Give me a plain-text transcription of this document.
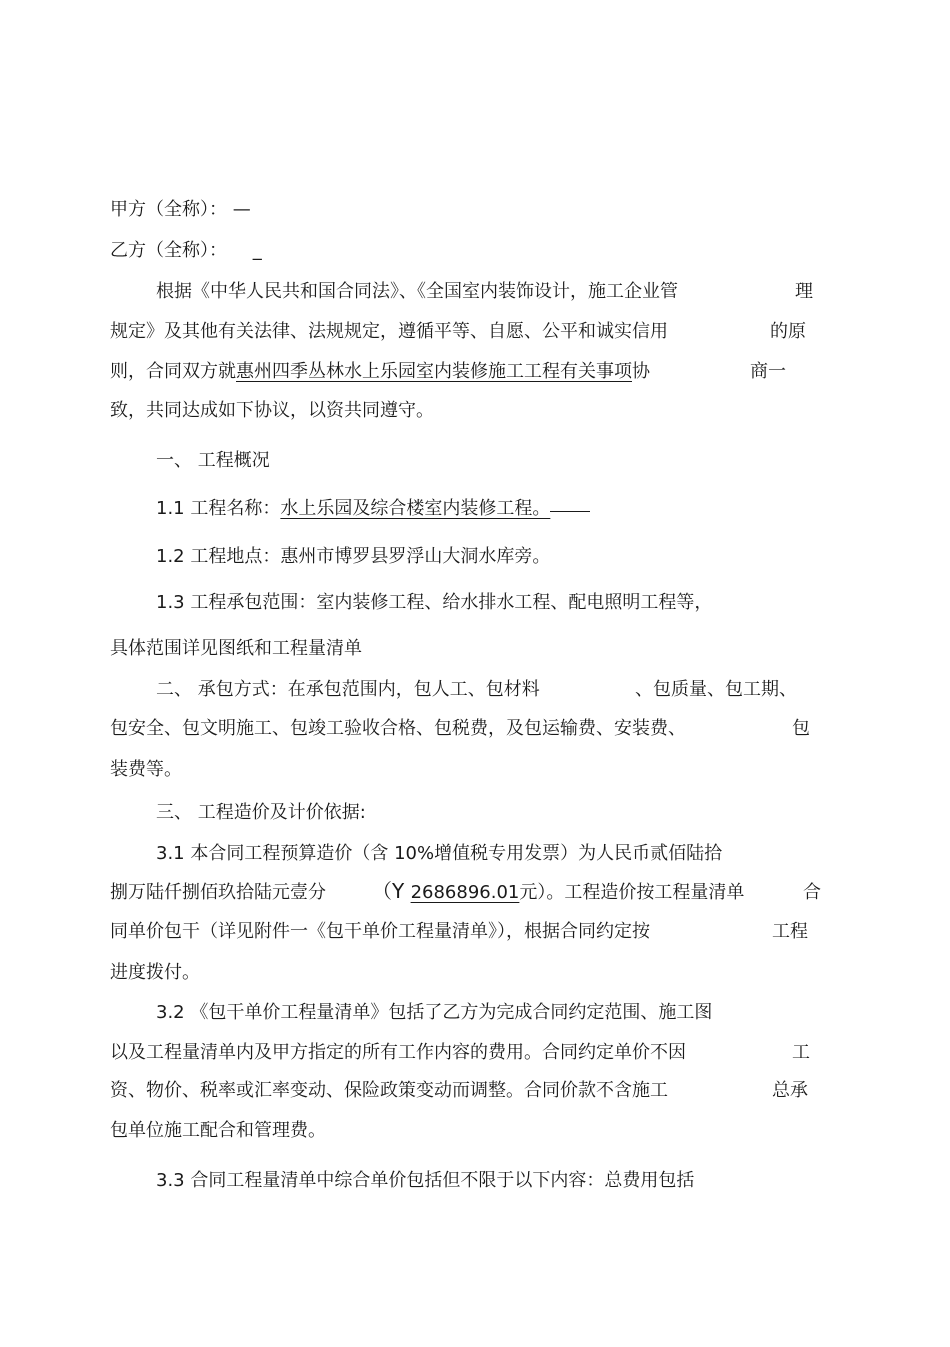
甲方（全称）： —
乙方（全称）： _
根据《中华人民共和国合同法》、《全国室内装饰设计，施工企业管	理
规定》及其他有关法律、法规规定，遵循平等、自愿、公平和诚实信用	的原
则，合同双方就惠州四季丛林水上乐园室内装修施工工程有关事项协	商一
致，共同达成如下协议，以资共同遵守。
一、 工程概况
1.1 工程名称：水上乐园及综合楼室内装修工程。
1.2 工程地点：惠州市博罗县罗浮山大洞水库旁。
1.3 工程承包范围：室内装修工程、给水排水工程、配电照明工程等，
具体范围详见图纸和工程量清单
二、 承包方式：在承包范围内，包人工、包材料	、包质量、包工期、
包安全、包文明施工、包竣工验收合格、包税费，及包运输费、安装费、	包
装费等。
三、 工程造价及计价依据:
3.1 本合同工程预算造价（含 10%增值税专用发票）为人民币贰佰陆拾
捌万陆仟捌佰玖拾陆元壹分 （Y 2686896.01元）。工程造价按工程量清单	合
同单价包干（详见附件一《包干单价工程量清单》），根据合同约定按	工程
进度拨付。
3.2 《包干单价工程量清单》包括了乙方为完成合同约定范围、施工图
以及工程量清单内及甲方指定的所有工作内容的费用。合同约定单价不因	工
资、物价、税率或汇率变动、保险政策变动而调整。合同价款不含施工	总承
包单位施工配合和管理费。
3.3 合同工程量清单中综合单价包括但不限于以下内容：总费用包括
